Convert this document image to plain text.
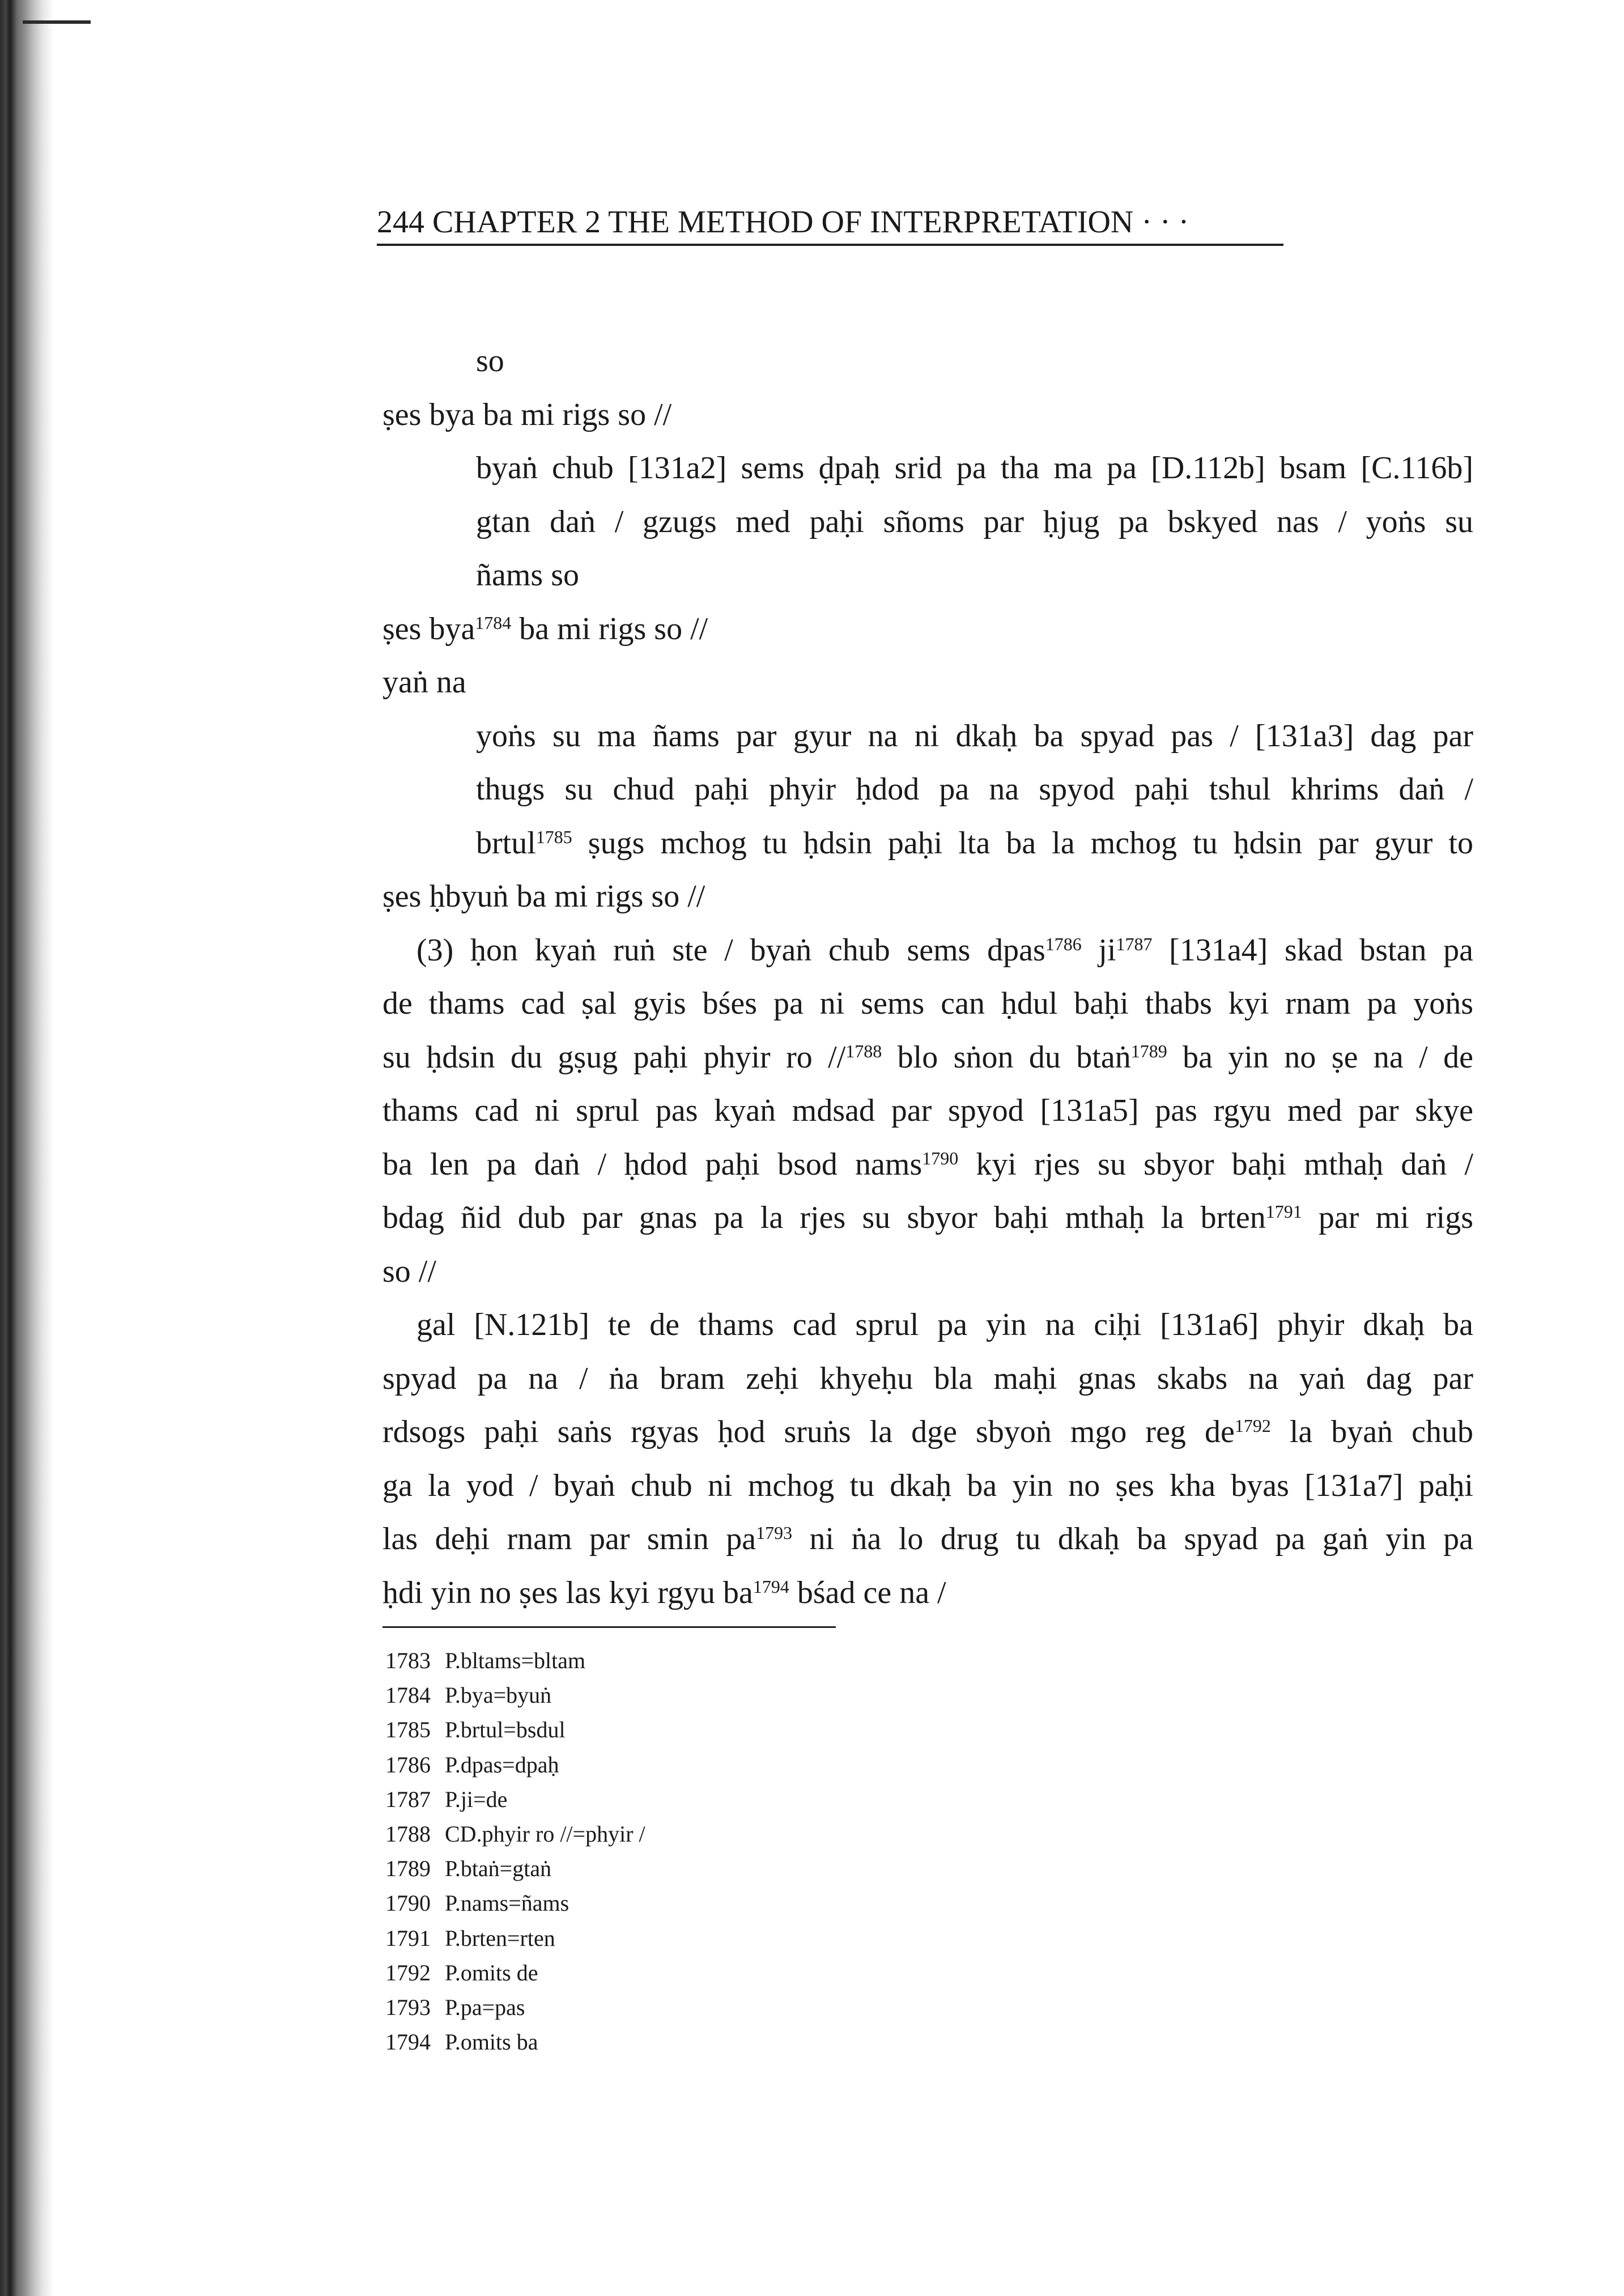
244 CHAPTER 2 THE METHOD OF INTERPRETATION · · ·
so
ṣes bya ba mi rigs so //
byaṅ chub [131a2] sems ḍpaḥ srid pa tha ma pa [D.112b] bsam [C.116b]
gtan daṅ / gzugs med paḥi sñoms par ḥjug pa bskyed nas / yoṅs su
ñams so
ṣes bya$^{1784}$ ba mi rigs so //
yaṅ na
yoṅs su ma ñams par gyur na ni dkaḥ ba spyad pas / [131a3] dag par
thugs su chud paḥi phyir ḥdod pa na spyod paḥi tshul khrims daṅ /
brtul$^{1785}$ ṣugs mchog tu ḥdsin paḥi lta ba la mchog tu ḥdsin par gyur to
ṣes ḥbyuṅ ba mi rigs so //
(3) ḥon kyaṅ ruṅ ste / byaṅ chub sems dpas$^{1786}$ $ji^{1787}$ [131a4] skad bstan pa
de thams cad ṣal gyis bśes pa ni sems can ḥdul baḥi thabs kyi rnam pa yoṅs
su ḥdsin du gṣug paḥi phyir ro //$^{1788}$ blo sṅon du btaṅ$^{1789}$ ba yin no ṣe na / de
thams cad ni sprul pas kyaṅ mdsad par spyod [131a5] pas rgyu med par skye
ba len pa daṅ / ḥdod paḥi bsod nams$^{1790}$ kyi rjes su sbyor baḥi mthaḥ daṅ /
bdag ñid dub par gnas pa la rjes su sbyor baḥi mthaḥ la brten$^{1791}$ par mi rigs
so //
gal [N.121b] te de thams cad sprul pa yin na ciḥi [131a6] phyir dkaḥ ba
spyad pa na / ṅa bram zeḥi khyeḥu bla maḥi gnas skabs na yaṅ dag par
rdsogs paḥi saṅs rgyas ḥod sruṅs la dge sbyoṅ mgo reg $de^{1792}$ la byaṅ chub
ga la yod / byaṅ chub ni mchog tu dkaḥ ba yin no ṣes kha byas [131a7] paḥi
las deḥi rnam par smin $pa^{1793}$ ni ṅa lo drug tu dkaḥ ba spyad pa gaṅ yin pa
ḥdi yin no ṣes las kyi rgyu $ba^{1794}$ bśad ce na /
1783 P.bltams=bltam
1784 P.bya=byuṅ
1785 P.brtul=bsdul
1786 P.dpas=dpaḥ
1787 P.ji=de
1788 CD.phyir ro //=phyir /
1789 P.btaṅ=gtaṅ
1790 P.nams=ñams
1791 P.brten=rten
1792 P.omits de
1793 P.pa=pas
1794 P.omits ba
